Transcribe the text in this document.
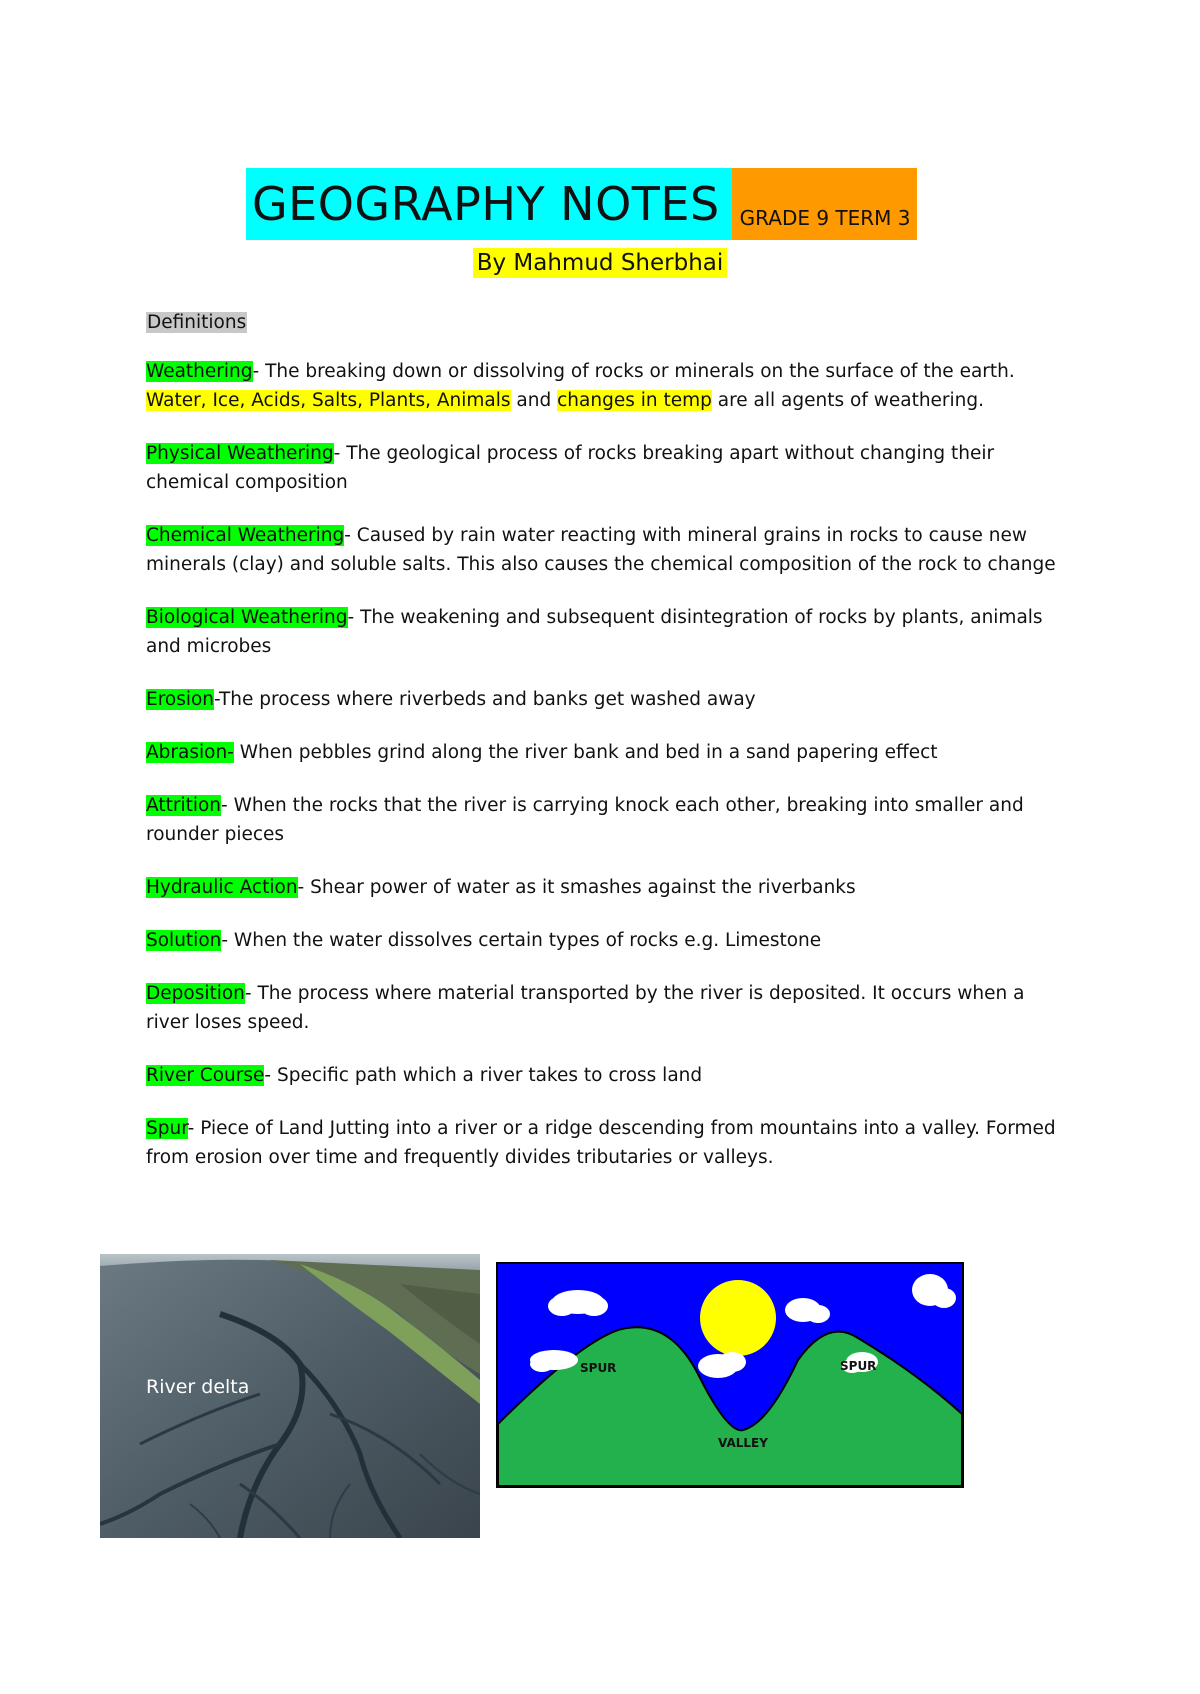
GEOGRAPHY NOTES	GRADE 9 TERM 3
By Mahmud Sherbhai
Definitions

Weathering- The breaking down or dissolving of rocks or minerals on the surface of the earth. Water, Ice, Acids, Salts, Plants, Animals and changes in temp are all agents of weathering.

Physical Weathering- The geological process of rocks breaking apart without changing their chemical composition

Chemical Weathering- Caused by rain water reacting with mineral grains in rocks to cause new minerals (clay) and soluble salts. This also causes the chemical composition of the rock to change

Biological Weathering- The weakening and subsequent disintegration of rocks by plants, animals and microbes

Erosion-The process where riverbeds and banks get washed away

Abrasion- When pebbles grind along the river bank and bed in a sand papering effect

Attrition- When the rocks that the river is carrying knock each other, breaking into smaller and rounder pieces

Hydraulic Action- Shear power of water as it smashes against the riverbanks

Solution- When the water dissolves certain types of rocks e.g. Limestone

Deposition- The process where material transported by the river is deposited. It occurs when a river loses speed.

River Course- Specific path which a river takes to cross land

Spur- Piece of Land Jutting into a river or a ridge descending from mountains into a valley. Formed from erosion over time and frequently divides tributaries or valleys.

River delta
SPUR	SPUR
VALLEY
